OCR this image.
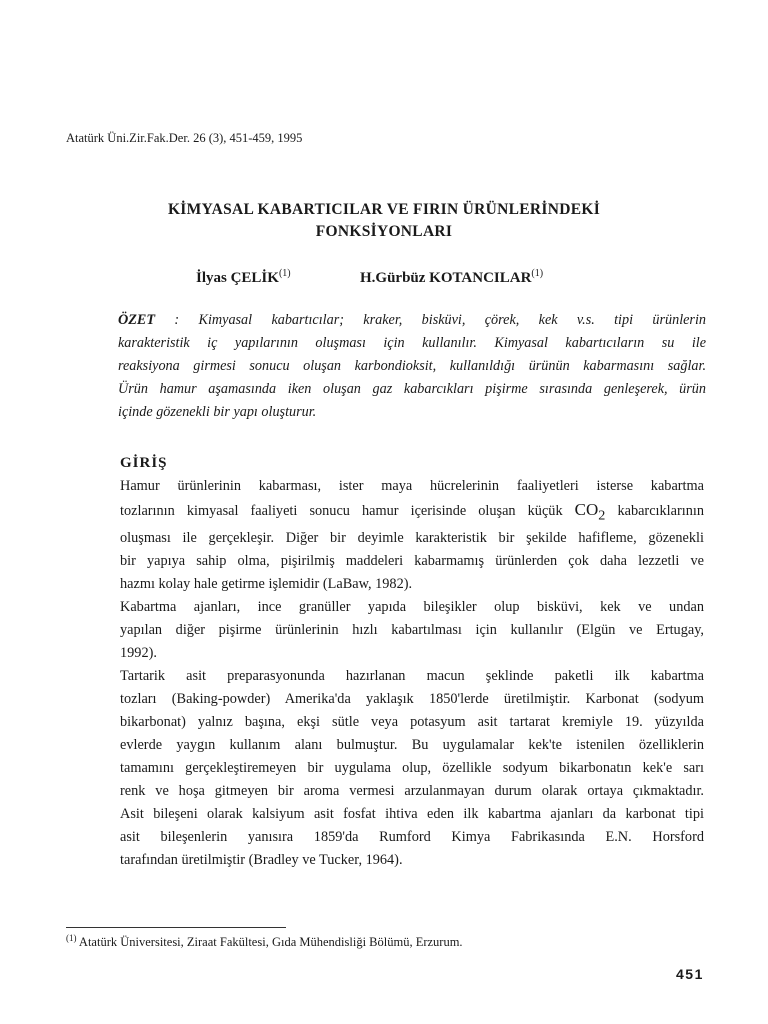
Atatürk Üni.Zir.Fak.Der. 26 (3), 451-459, 1995
KİMYASAL KABARTICILAR VE FIRIN ÜRÜNLERİNDEKİ
FONKSİYONLARI
İlyas ÇELİK$^{(1)}$	H.Gürbüz KOTANCILAR$^{(1)}$
ÖZET : Kimyasal kabartıcılar; kraker, bisküvi, çörek, kek v.s. tipi ürünlerin
karakteristik iç yapılarının oluşması için kullanılır. Kimyasal kabartıcıların su ile
reaksiyona girmesi sonucu oluşan karbondioksit, kullanıldığı ürünün kabarmasını sağlar.
Ürün hamur aşamasında iken oluşan gaz kabarcıkları pişirme sırasında genleşerek, ürün
içinde gözenekli bir yapı oluşturur.
GİRİŞ
Hamur ürünlerinin kabarması, ister maya hücrelerinin faaliyetleri isterse kabartma
tozlarının kimyasal faaliyeti sonucu hamur içerisinde oluşan küçük $CO_2$ kabarcıklarının
oluşması ile gerçekleşir. Diğer bir deyimle karakteristik bir şekilde hafifleme, gözenekli
bir yapıya sahip olma, pişirilmiş maddeleri kabarmamış ürünlerden çok daha lezzetli ve
hazmı kolay hale getirme işlemidir (LaBaw, 1982).
Kabartma ajanları, ince granüller yapıda bileşikler olup bisküvi, kek ve undan
yapılan diğer pişirme ürünlerinin hızlı kabartılması için kullanılır (Elgün ve Ertugay,
1992).
Tartarik asit preparasyonunda hazırlanan macun şeklinde paketli ilk kabartma
tozları (Baking-powder) Amerika'da yaklaşık 1850'lerde üretilmiştir. Karbonat (sodyum
bikarbonat) yalnız başına, ekşi sütle veya potasyum asit tartarat kremiyle 19. yüzyılda
evlerde yaygın kullanım alanı bulmuştur. Bu uygulamalar kek'te istenilen özelliklerin
tamamını gerçekleştiremeyen bir uygulama olup, özellikle sodyum bikarbonatın kek'e sarı
renk ve hoşa gitmeyen bir aroma vermesi arzulanmayan durum olarak ortaya çıkmaktadır.
Asit bileşeni olarak kalsiyum asit fosfat ihtiva eden ilk kabartma ajanları da karbonat tipi
asit bileşenlerin yanısıra 1859'da Rumford Kimya Fabrikasında E.N. Horsford
tarafından üretilmiştir (Bradley ve Tucker, 1964).
$^{(1)}$ Atatürk Üniversitesi, Ziraat Fakültesi, Gıda Mühendisliği Bölümü, Erzurum.
451
